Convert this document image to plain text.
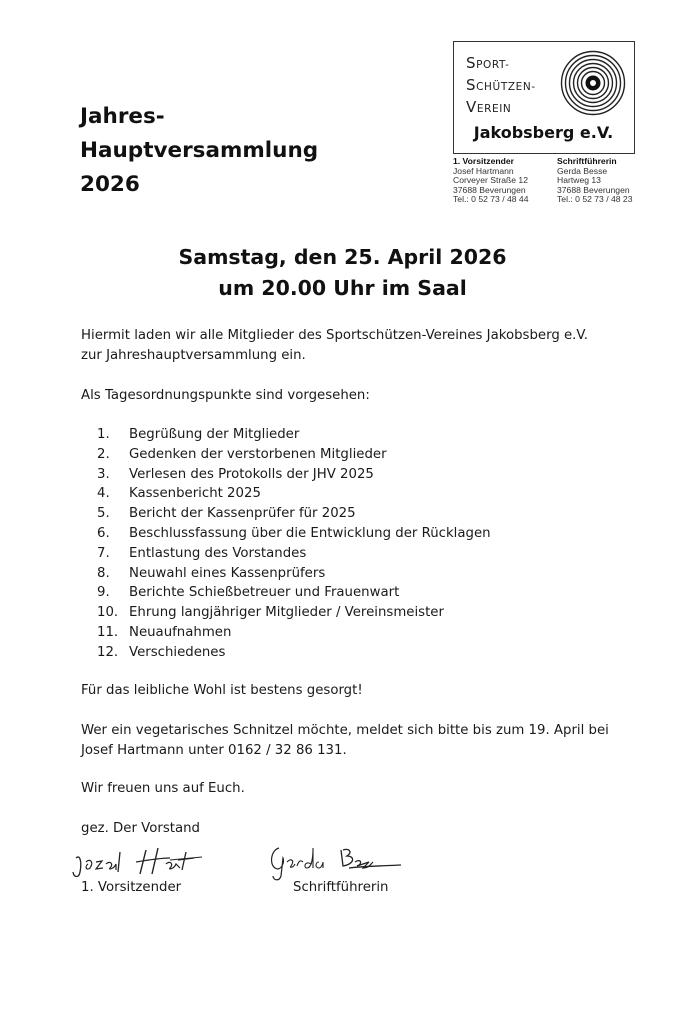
Jahres-
Hauptversammlung
2026
SPORT-
SCHÜTZEN-
VEREIN
Jakobsberg e.V.
1. Vorsitzender
Josef Hartmann
Corveyer Straße 12
37688 Beverungen
Tel.: 0 52 73 / 48 44
Schriftführerin
Gerda Besse
Hartweg 13
37688 Beverungen
Tel.: 0 52 73 / 48 23
Samstag, den 25. April 2026
um 20.00 Uhr im Saal
Hiermit laden wir alle Mitglieder des Sportschützen-Vereines Jakobsberg e.V.
zur Jahreshauptversammlung ein.
Als Tagesordnungspunkte sind vorgesehen:
1. Begrüßung der Mitglieder
2. Gedenken der verstorbenen Mitglieder
3. Verlesen des Protokolls der JHV 2025
4. Kassenbericht 2025
5. Bericht der Kassenprüfer für 2025
6. Beschlussfassung über die Entwicklung der Rücklagen
7. Entlastung des Vorstandes
8. Neuwahl eines Kassenprüfers
9. Berichte Schießbetreuer und Frauenwart
10. Ehrung langjähriger Mitglieder / Vereinsmeister
11. Neuaufnahmen
12. Verschiedenes
Für das leibliche Wohl ist bestens gesorgt!
Wer ein vegetarisches Schnitzel möchte, meldet sich bitte bis zum 19. April bei
Josef Hartmann unter 0162 / 32 86 131.
Wir freuen uns auf Euch.
gez. Der Vorstand
1. Vorsitzender	Schriftführerin
